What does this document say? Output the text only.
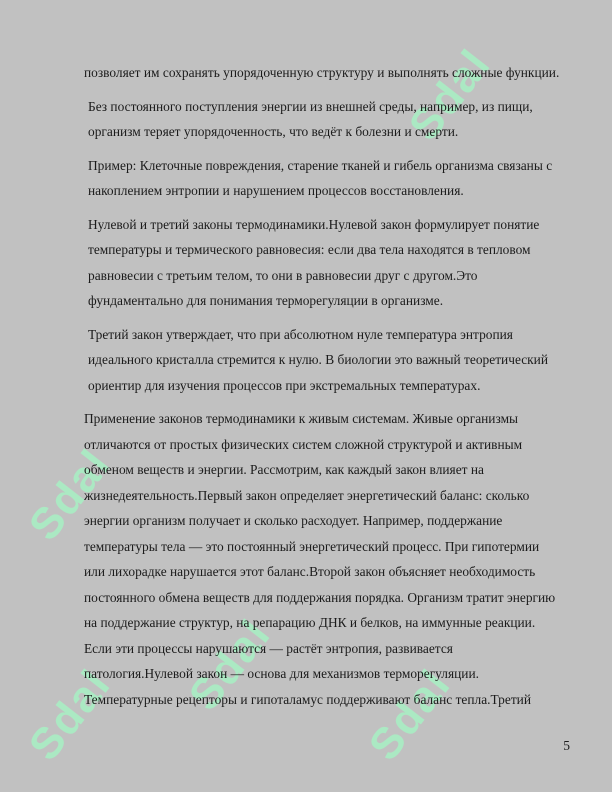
Sdal
Sdal
Sdal Sdal
Sdal

позволяет им сохранять упорядоченную структуру и выполнять сложные функции.

Без постоянного поступления энергии из внешней среды, например, из пищи, организм теряет упорядоченность, что ведёт к болезни и смерти.

Пример: Клеточные повреждения, старение тканей и гибель организма связаны с накоплением энтропии и нарушением процессов восстановления.

Нулевой и третий законы термодинамики.Нулевой закон формулирует понятие температуры и термического равновесия: если два тела находятся в тепловом равновесии с третьим телом, то они в равновесии друг с другом.Это фундаментально для понимания терморегуляции в организме.

Третий закон утверждает, что при абсолютном нуле температура энтропия идеального кристалла стремится к нулю. В биологии это важный теоретический ориентир для изучения процессов при экстремальных температурах.

Применение законов термодинамики к живым системам. Живые организмы отличаются от простых физических систем сложной структурой и активным обменом веществ и энергии. Рассмотрим, как каждый закон влияет на жизнедеятельность.Первый закон определяет энергетический баланс: сколько энергии организм получает и сколько расходует. Например, поддержание температуры тела — это постоянный энергетический процесс. При гипотермии или лихорадке нарушается этот баланс.Второй закон объясняет необходимость постоянного обмена веществ для поддержания порядка. Организм тратит энергию на поддержание структур, на репарацию ДНК и белков, на иммунные реакции. Если эти процессы нарушаются — растёт энтропия, развивается патология.Нулевой закон — основа для механизмов терморегуляции. Температурные рецепторы и гипоталамус поддерживают баланс тепла.Третий

5
